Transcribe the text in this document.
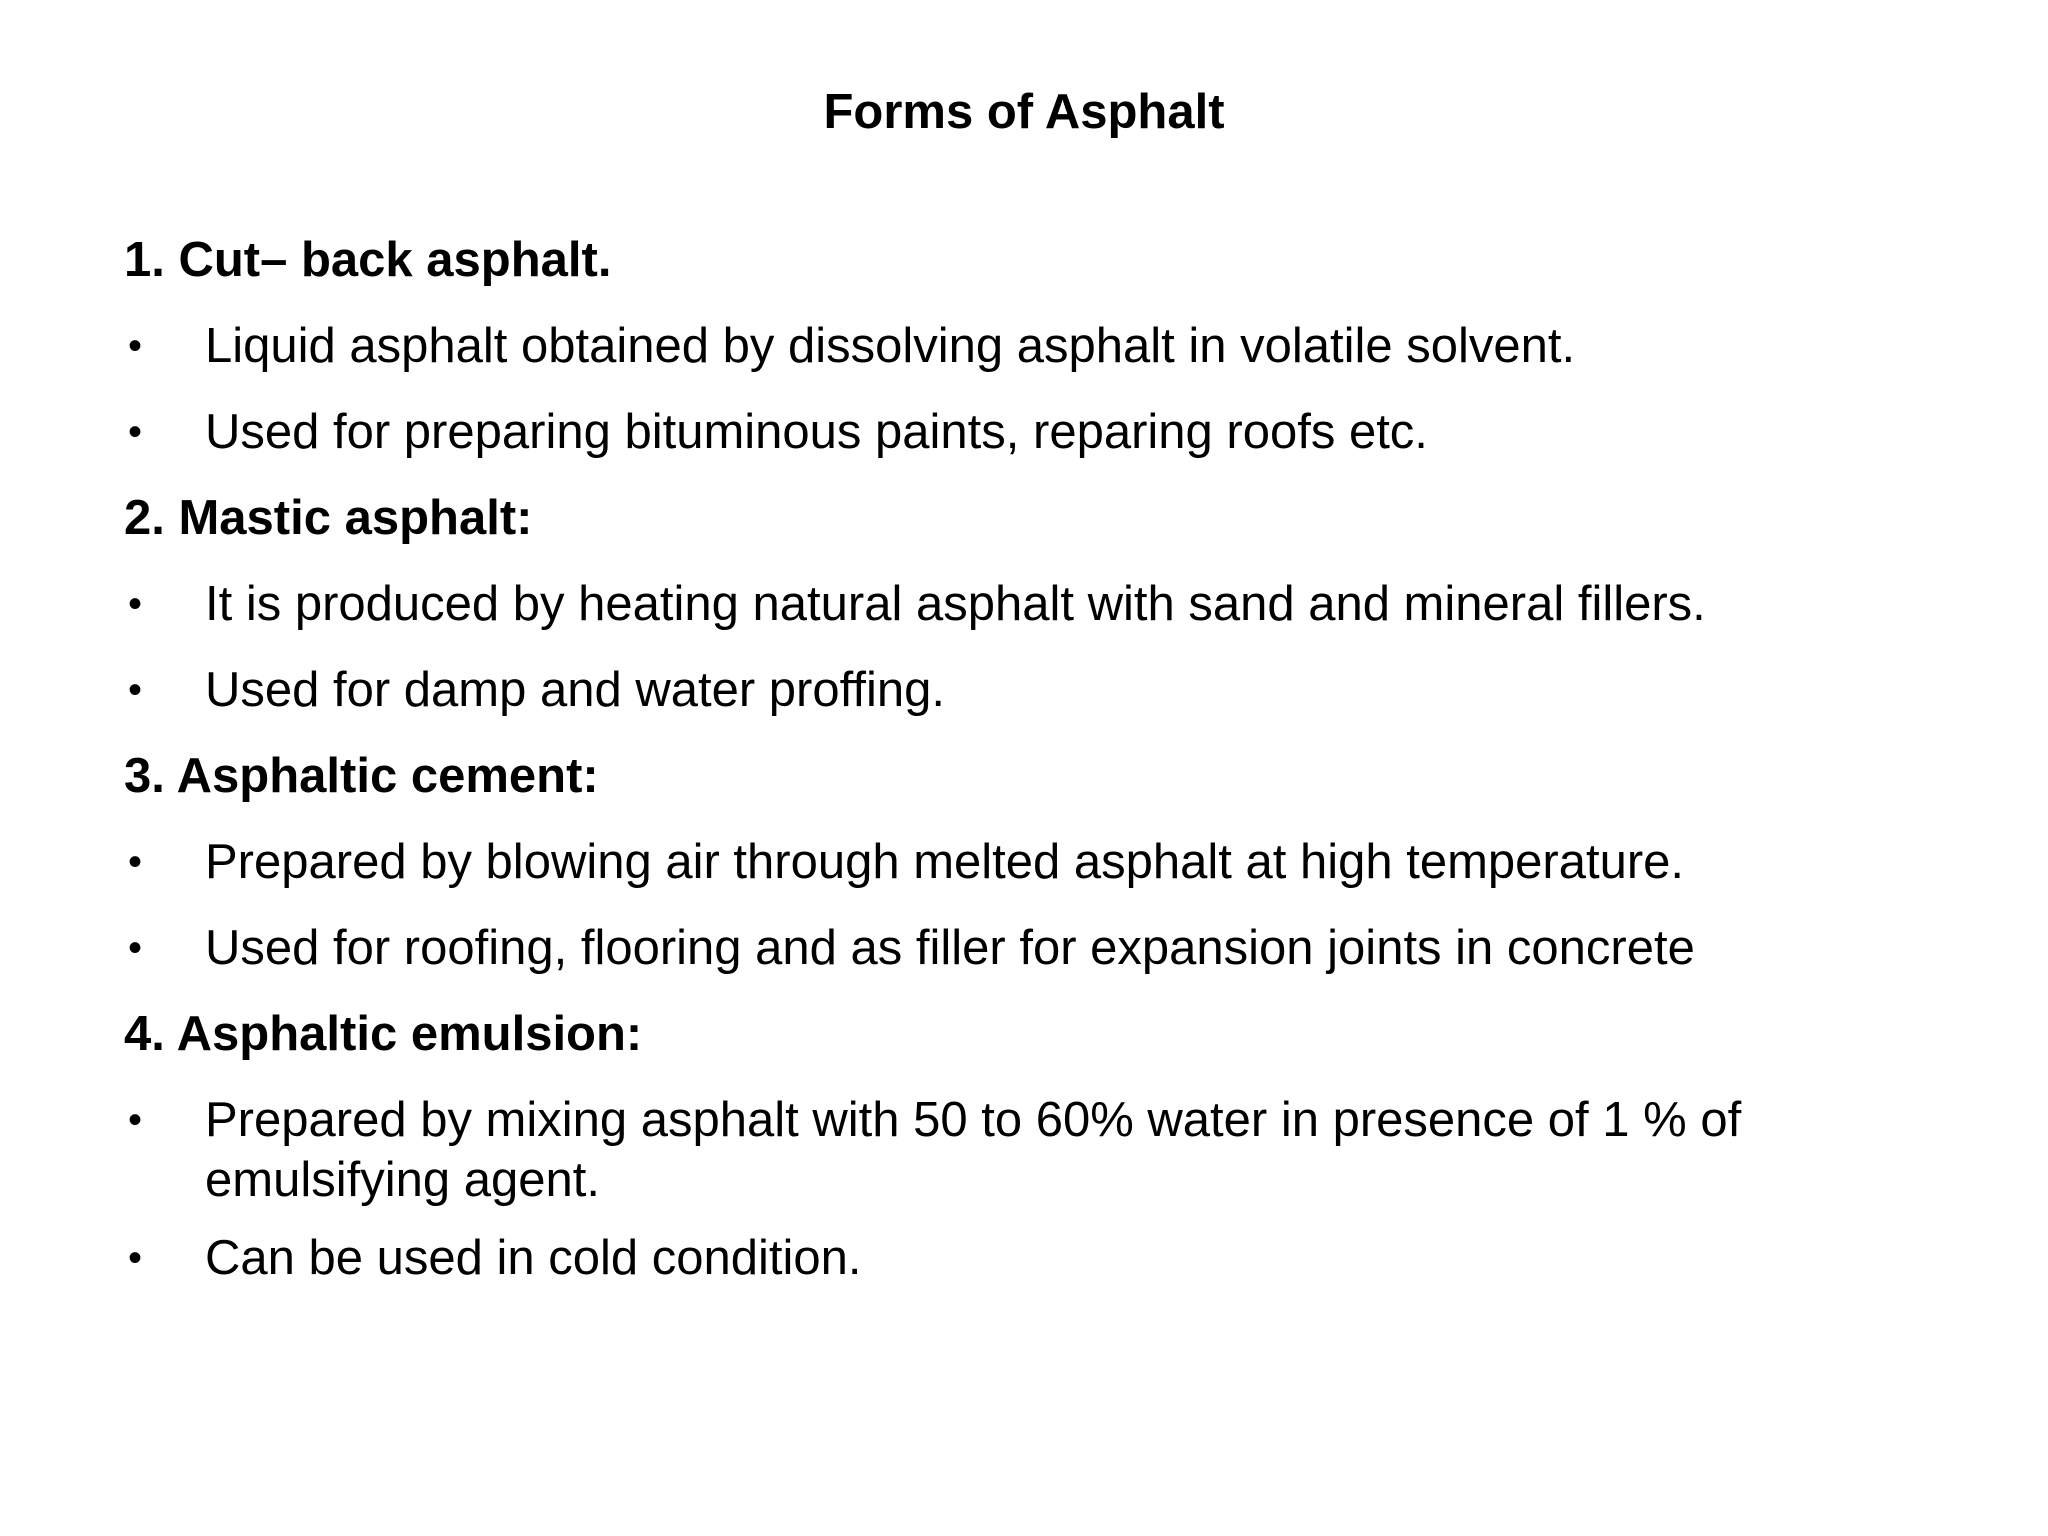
Forms of Asphalt
1. Cut– back asphalt.
•	Liquid asphalt obtained by dissolving asphalt in volatile solvent.
•	Used for preparing bituminous paints, reparing roofs etc.
2. Mastic asphalt:
•	It is produced by heating natural asphalt with sand and mineral fillers.
•	Used for damp and water proffing.
3. Asphaltic cement:
•	Prepared by blowing air through melted asphalt at high temperature.
•	Used for roofing, flooring and as filler for expansion joints in concrete
4. Asphaltic emulsion:
•	Prepared by mixing asphalt with 50 to 60% water in presence of 1 % of emulsifying agent.
•	Can be used in cold condition.
